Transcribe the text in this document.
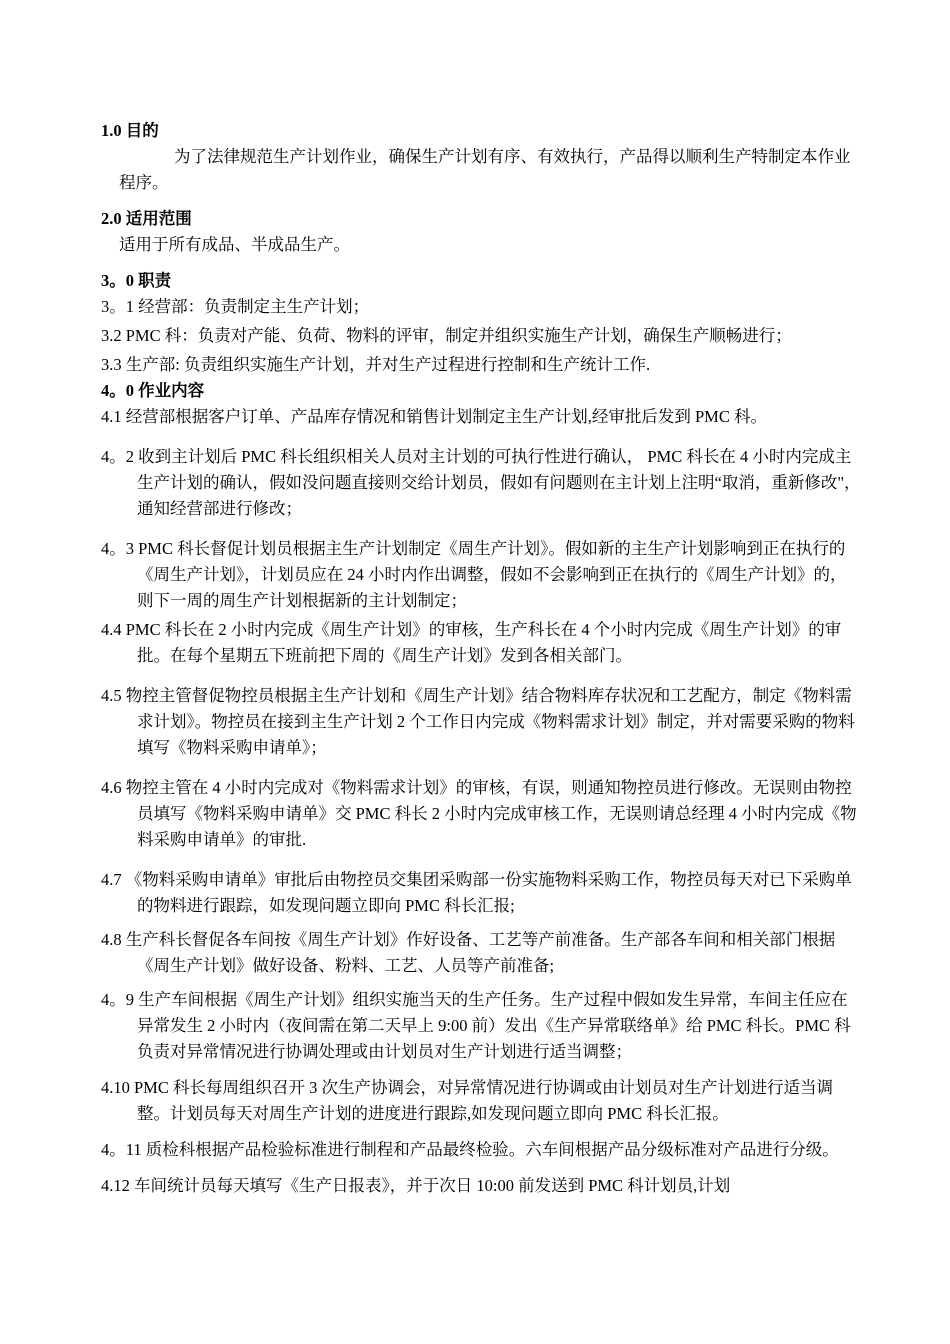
1.0 目的

为了法律规范生产计划作业，确保生产计划有序、有效执行，产品得以顺利生产特制定本作业程序。

2.0 适用范围

适用于所有成品、半成品生产。

3。0 职责

3。1 经营部：负责制定主生产计划；

3.2 PMC 科：负责对产能、负荷、物料的评审，制定并组织实施生产计划，确保生产顺畅进行；

3.3 生产部: 负责组织实施生产计划，并对生产过程进行控制和生产统计工作.

4。0 作业内容

4.1 经营部根据客户订单、产品库存情况和销售计划制定主生产计划,经审批后发到 PMC 科。

4。2 收到主计划后 PMC 科长组织相关人员对主计划的可执行性进行确认， PMC 科长在 4 小时内完成主生产计划的确认，假如没问题直接则交给计划员，假如有问题则在主计划上注明“取消，重新修改"，通知经营部进行修改；

4。3 PMC 科长督促计划员根据主生产计划制定《周生产计划》。假如新的主生产计划影响到正在执行的《周生产计划》，计划员应在 24 小时内作出调整，假如不会影响到正在执行的《周生产计划》的，则下一周的周生产计划根据新的主计划制定；

4.4 PMC 科长在 2 小时内完成《周生产计划》的审核，生产科长在 4 个小时内完成《周生产计划》的审批。在每个星期五下班前把下周的《周生产计划》发到各相关部门。

4.5 物控主管督促物控员根据主生产计划和《周生产计划》结合物料库存状况和工艺配方，制定《物料需求计划》。物控员在接到主生产计划 2 个工作日内完成《物料需求计划》制定，并对需要采购的物料填写《物料采购申请单》；

4.6 物控主管在 4 小时内完成对《物料需求计划》的审核，有误，则通知物控员进行修改。无误则由物控员填写《物料采购申请单》交 PMC 科长 2 小时内完成审核工作，无误则请总经理 4 小时内完成《物料采购申请单》的审批.

4.7 《物料采购申请单》审批后由物控员交集团采购部一份实施物料采购工作，物控员每天对已下采购单的物料进行跟踪，如发现问题立即向 PMC 科长汇报;

4.8 生产科长督促各车间按《周生产计划》作好设备、工艺等产前准备。生产部各车间和相关部门根据《周生产计划》做好设备、粉料、工艺、人员等产前准备;

4。9 生产车间根据《周生产计划》组织实施当天的生产任务。生产过程中假如发生异常，车间主任应在异常发生 2 小时内（夜间需在第二天早上 9:00 前）发出《生产异常联络单》给 PMC 科长。PMC 科负责对异常情况进行协调处理或由计划员对生产计划进行适当调整；

4.10 PMC 科长每周组织召开 3 次生产协调会，对异常情况进行协调或由计划员对生产计划进行适当调整。计划员每天对周生产计划的进度进行跟踪,如发现问题立即向 PMC 科长汇报。

4。11 质检科根据产品检验标准进行制程和产品最终检验。六车间根据产品分级标准对产品进行分级。

4.12 车间统计员每天填写《生产日报表》，并于次日 10:00 前发送到 PMC 科计划员,计划
